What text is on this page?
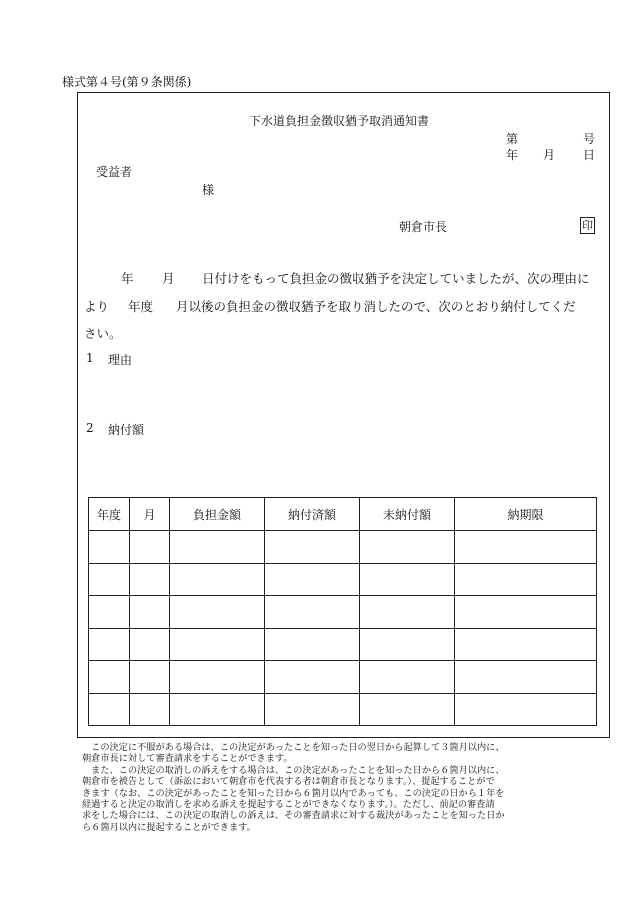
様式第４号(第９条関係)
下水道負担金徴収猶予取消通知書
第	号
年 月 日
受益者
様
朝倉市長	印
年 月 日付けをもって負担金の徴収猶予を決定していましたが、次の理由に
より 年度 月以後の負担金の徴収猶予を取り消したので、次のとおり納付してくだ
さい。
1 理由
2 納付額
年度	月	負担金額	納付済額	未納付額	納期限

　この決定に不服がある場合は、この決定があったことを知った日の翌日から起算して３箇月以内に、

朝倉市長に対して審査請求をすることができます。

　また、この決定の取消しの訴えをする場合は、この決定があったことを知った日から６箇月以内に、

朝倉市を被告として（訴訟において朝倉市を代表する者は朝倉市長となります。）、提起することがで

きます（なお、この決定があったことを知った日から６箇月以内であっても、この決定の日から１年を

経過すると決定の取消しを求める訴えを提起することができなくなります。）。ただし、前記の審査請

求をした場合には、この決定の取消しの訴えは、その審査請求に対する裁決があったことを知った日か

ら６箇月以内に提起することができます。
